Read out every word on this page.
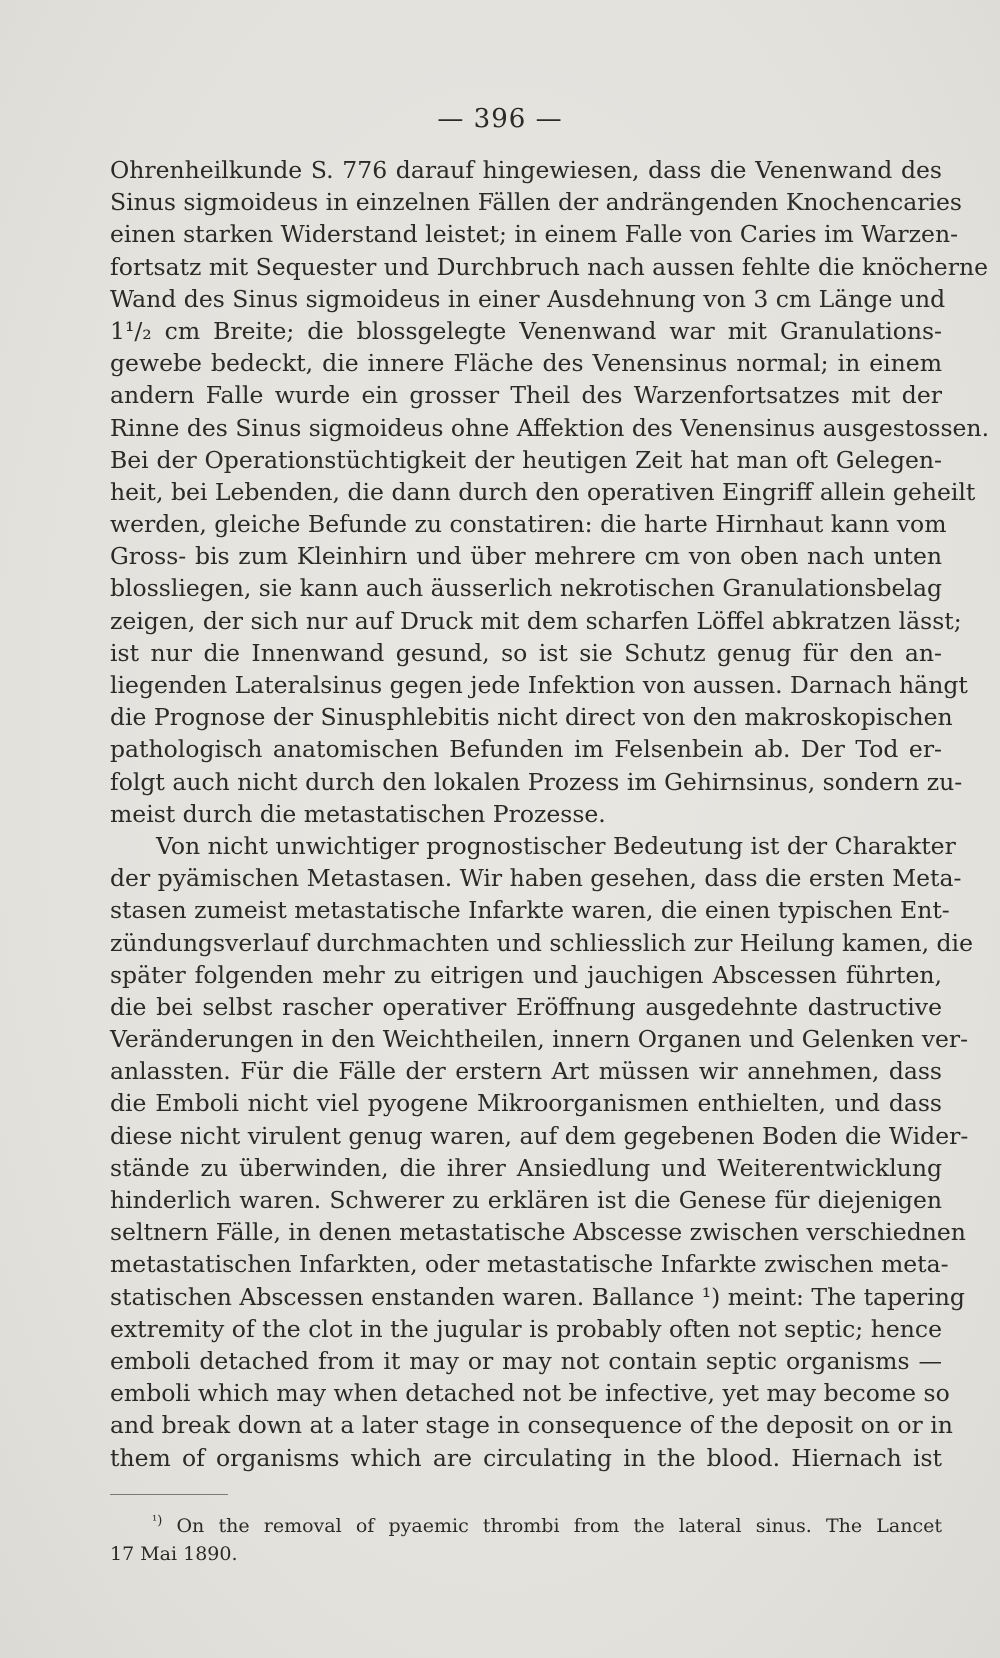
— 396 —
Ohrenheilkunde S. 776 darauf hingewiesen, dass die Venenwand des
Sinus sigmoideus in einzelnen Fällen der andrängenden Knochencaries
einen starken Widerstand leistet; in einem Falle von Caries im Warzen-
fortsatz mit Sequester und Durchbruch nach aussen fehlte die knöcherne
Wand des Sinus sigmoideus in einer Ausdehnung von 3 cm Länge und
1¹/₂ cm Breite; die blossgelegte Venenwand war mit Granulations-
gewebe bedeckt, die innere Fläche des Venensinus normal; in einem
andern Falle wurde ein grosser Theil des Warzenfortsatzes mit der
Rinne des Sinus sigmoideus ohne Affektion des Venensinus ausgestossen.
Bei der Operationstüchtigkeit der heutigen Zeit hat man oft Gelegen-
heit, bei Lebenden, die dann durch den operativen Eingriff allein geheilt
werden, gleiche Befunde zu constatiren: die harte Hirnhaut kann vom
Gross- bis zum Kleinhirn und über mehrere cm von oben nach unten
blossliegen, sie kann auch äusserlich nekrotischen Granulationsbelag
zeigen, der sich nur auf Druck mit dem scharfen Löffel abkratzen lässt;
ist nur die Innenwand gesund, so ist sie Schutz genug für den an-
liegenden Lateralsinus gegen jede Infektion von aussen. Darnach hängt
die Prognose der Sinusphlebitis nicht direct von den makroskopischen
pathologisch anatomischen Befunden im Felsenbein ab. Der Tod er-
folgt auch nicht durch den lokalen Prozess im Gehirnsinus, sondern zu-
meist durch die metastatischen Prozesse.
Von nicht unwichtiger prognostischer Bedeutung ist der Charakter
der pyämischen Metastasen. Wir haben gesehen, dass die ersten Meta-
stasen zumeist metastatische Infarkte waren, die einen typischen Ent-
zündungsverlauf durchmachten und schliesslich zur Heilung kamen, die
später folgenden mehr zu eitrigen und jauchigen Abscessen führten,
die bei selbst rascher operativer Eröffnung ausgedehnte dastructive
Veränderungen in den Weichtheilen, innern Organen und Gelenken ver-
anlassten. Für die Fälle der erstern Art müssen wir annehmen, dass
die Emboli nicht viel pyogene Mikroorganismen enthielten, und dass
diese nicht virulent genug waren, auf dem gegebenen Boden die Wider-
stände zu überwinden, die ihrer Ansiedlung und Weiterentwicklung
hinderlich waren. Schwerer zu erklären ist die Genese für diejenigen
seltnern Fälle, in denen metastatische Abscesse zwischen verschiednen
metastatischen Infarkten, oder metastatische Infarkte zwischen meta-
statischen Abscessen enstanden waren. Ballance ¹) meint: The tapering
extremity of the clot in the jugular is probably often not septic; hence
emboli detached from it may or may not contain septic organisms —
emboli which may when detached not be infective, yet may become so
and break down at a later stage in consequence of the deposit on or in
them of organisms which are circulating in the blood. Hiernach ist
$^{^1)}$ On the removal of pyaemic thrombi from the lateral sinus. The Lancet
17 Mai 1890.
